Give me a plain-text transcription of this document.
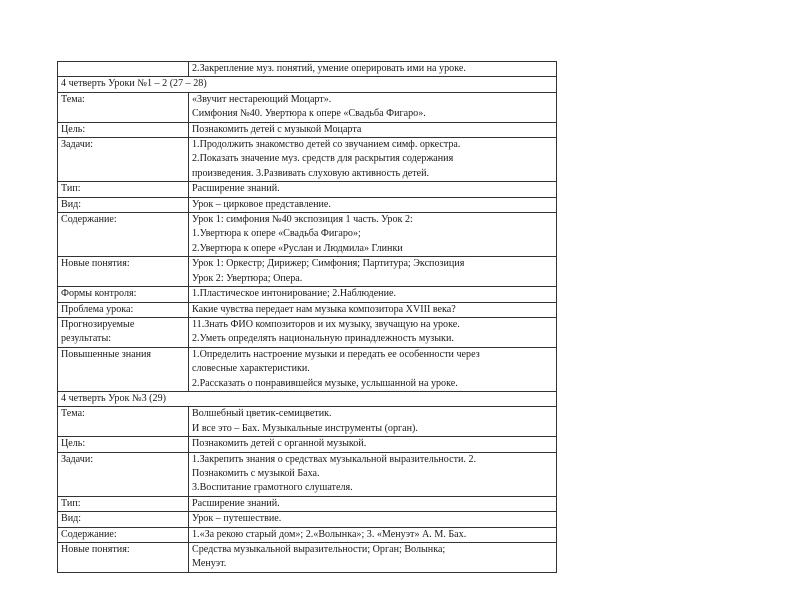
	2.Закрепление муз. понятий, умение оперировать ими на уроке.

4 четверть Уроки №1 – 2 (27 – 28)	
Тема:	«Звучит нестареющий Моцарт».
Симфония №40. Увертюра к опере «Свадьба Фигаро».

Цель:	Познакомить детей с музыкой Моцарта

Задачи:	1.Продолжить знакомство детей со звучанием симф. оркестра.
2.Показать значение муз. средств для раскрытия содержания
произведения. 3.Развивать слуховую активность детей.

Тип:	Расширение знаний.

Вид:	Урок – цирковое представление.

Содержание:	Урок 1: симфония №40 экспозиция 1 часть. Урок 2:
1.Увертюра к опере «Свадьба Фигаро»;
2.Увертюра к опере «Руслан и Людмила» Глинки

Новые понятия:	Урок 1: Оркестр; Дирижер; Симфония; Партитура; Экспозиция
Урок 2: Увертюра; Опера.

Формы контроля:	1.Пластическое интонирование; 2.Наблюдение.

Проблема урока:	Какие чувства передает нам музыка композитора XVIII века?

Прогнозируемые
результаты:	11.Знать ФИО композиторов и их музыку, звучащую на уроке.
2.Уметь определять национальную принадлежность музыки.

Повышенные знания	1.Определить настроение музыки и передать ее особенности через
словесные характеристики.
2.Рассказать о понравившейся музыке, услышанной на уроке.

4 четверть Урок №3 (29)	
Тема:	Волшебный цветик-семицветик.
И все это – Бах. Музыкальные инструменты (орган).

Цель:	Познакомить детей с органной музыкой.

Задачи:	1.Закрепить знания о средствах музыкальной выразительности. 2.
Познакомить с музыкой Баха.
3.Воспитание грамотного слушателя.

Тип:	Расширение знаний.

Вид:	Урок – путешествие.

Содержание:	1.«За рекою старый дом»; 2.«Волынка»; 3. «Менуэт» А. М. Бах.

Новые понятия:	Средства музыкальной выразительности; Орган; Волынка;
Менуэт.
